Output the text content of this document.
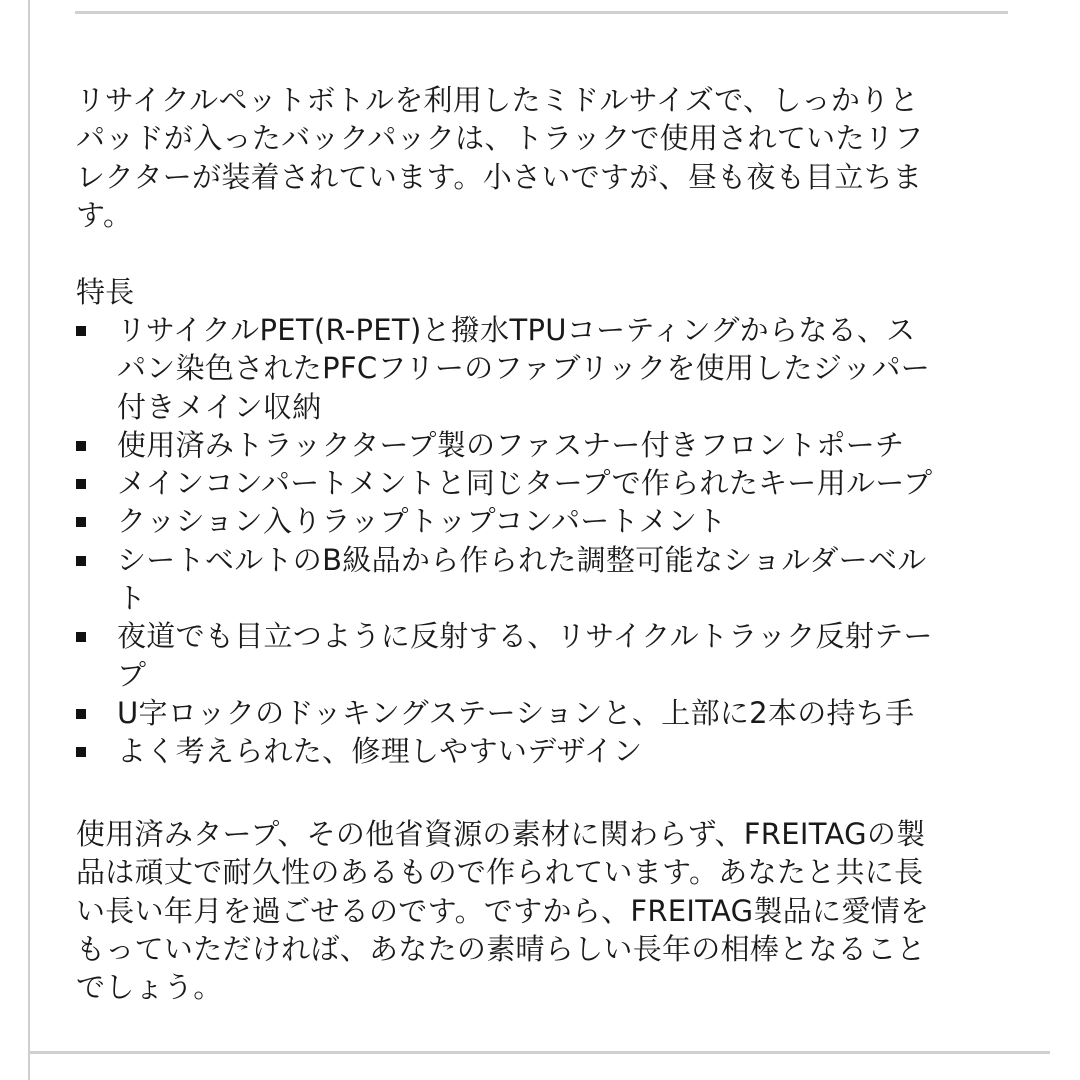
リサイクルペットボトルを利用したミドルサイズで、しっかりと
パッドが入ったバックパックは、トラックで使用されていたリフ
レクターが装着されています。小さいですが、昼も夜も目立ちま
す。
特長
リサイクルPET(R-PET)と撥水TPUコーティングからなる、ス
パン染色されたPFCフリーのファブリックを使用したジッパー
付きメイン収納
使用済みトラックタープ製のファスナー付きフロントポーチ
メインコンパートメントと同じタープで作られたキー用ループ
クッション入りラップトップコンパートメント
シートベルトのB級品から作られた調整可能なショルダーベル
ト
夜道でも目立つように反射する、リサイクルトラック反射テー
プ
U字ロックのドッキングステーションと、上部に2本の持ち手
よく考えられた、修理しやすいデザイン
使用済みタープ、その他省資源の素材に関わらず、FREITAGの製
品は頑丈で耐久性のあるもので作られています。あなたと共に長
い長い年月を過ごせるのです。ですから、FREITAG製品に愛情を
もっていただければ、あなたの素晴らしい長年の相棒となること
でしょう。
